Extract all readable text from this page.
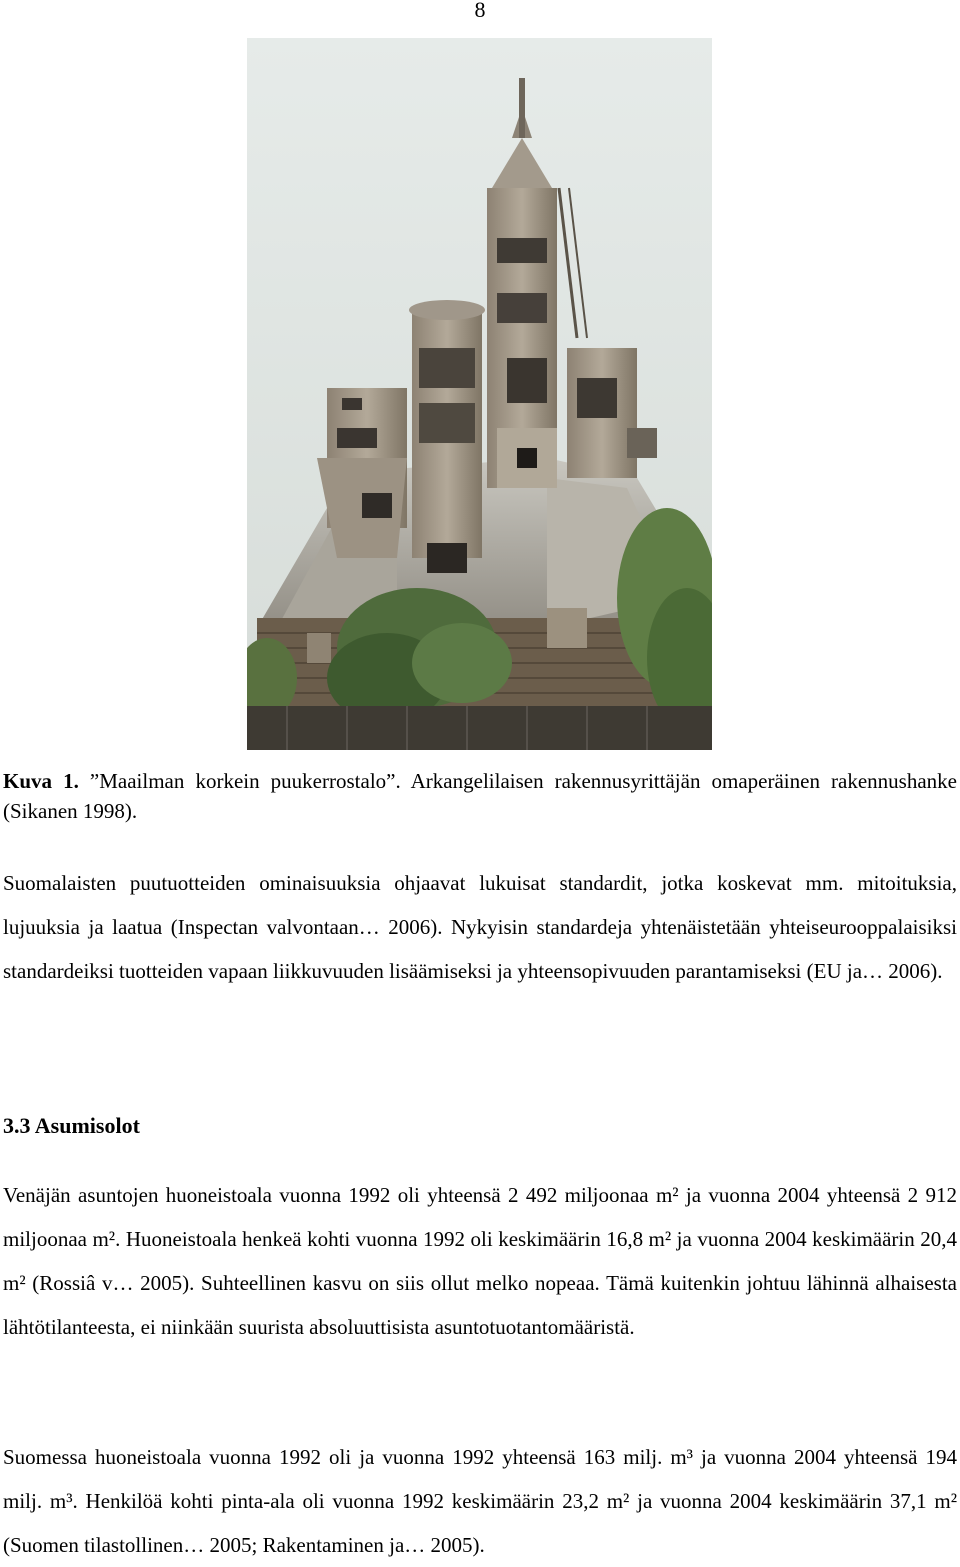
8
Kuva 1. ”Maailman korkein puukerrostalo”. Arkangelilaisen rakennusyrittäjän omaperäinen rakennushanke (Sikanen 1998).
Suomalaisten puutuotteiden ominaisuuksia ohjaavat lukuisat standardit, jotka koskevat mm. mitoituksia, lujuuksia ja laatua (Inspectan valvontaan… 2006). Nykyisin standardeja yhtenäistetään yhteiseurooppalaisiksi standardeiksi tuotteiden vapaan liikkuvuuden lisäämiseksi ja yhteensopivuuden parantamiseksi (EU ja… 2006).
3.3 Asumisolot
Venäjän asuntojen huoneistoala vuonna 1992 oli yhteensä 2 492 miljoonaa m² ja vuonna 2004 yhteensä 2 912 miljoonaa m². Huoneistoala henkeä kohti vuonna 1992 oli keskimäärin 16,8 m² ja vuonna 2004 keskimäärin 20,4 m² (Rossiâ v… 2005). Suhteellinen kasvu on siis ollut melko nopeaa. Tämä kuitenkin johtuu lähinnä alhaisesta lähtötilanteesta, ei niinkään suurista absoluuttisista asuntotuotantomääristä.
Suomessa huoneistoala vuonna 1992 oli ja vuonna 1992 yhteensä 163 milj. m³ ja vuonna 2004 yhteensä 194 milj. m³. Henkilöä kohti pinta-ala oli vuonna 1992 keskimäärin 23,2 m² ja vuonna 2004 keskimäärin 37,1 m² (Suomen tilastollinen… 2005; Rakentaminen ja… 2005).
